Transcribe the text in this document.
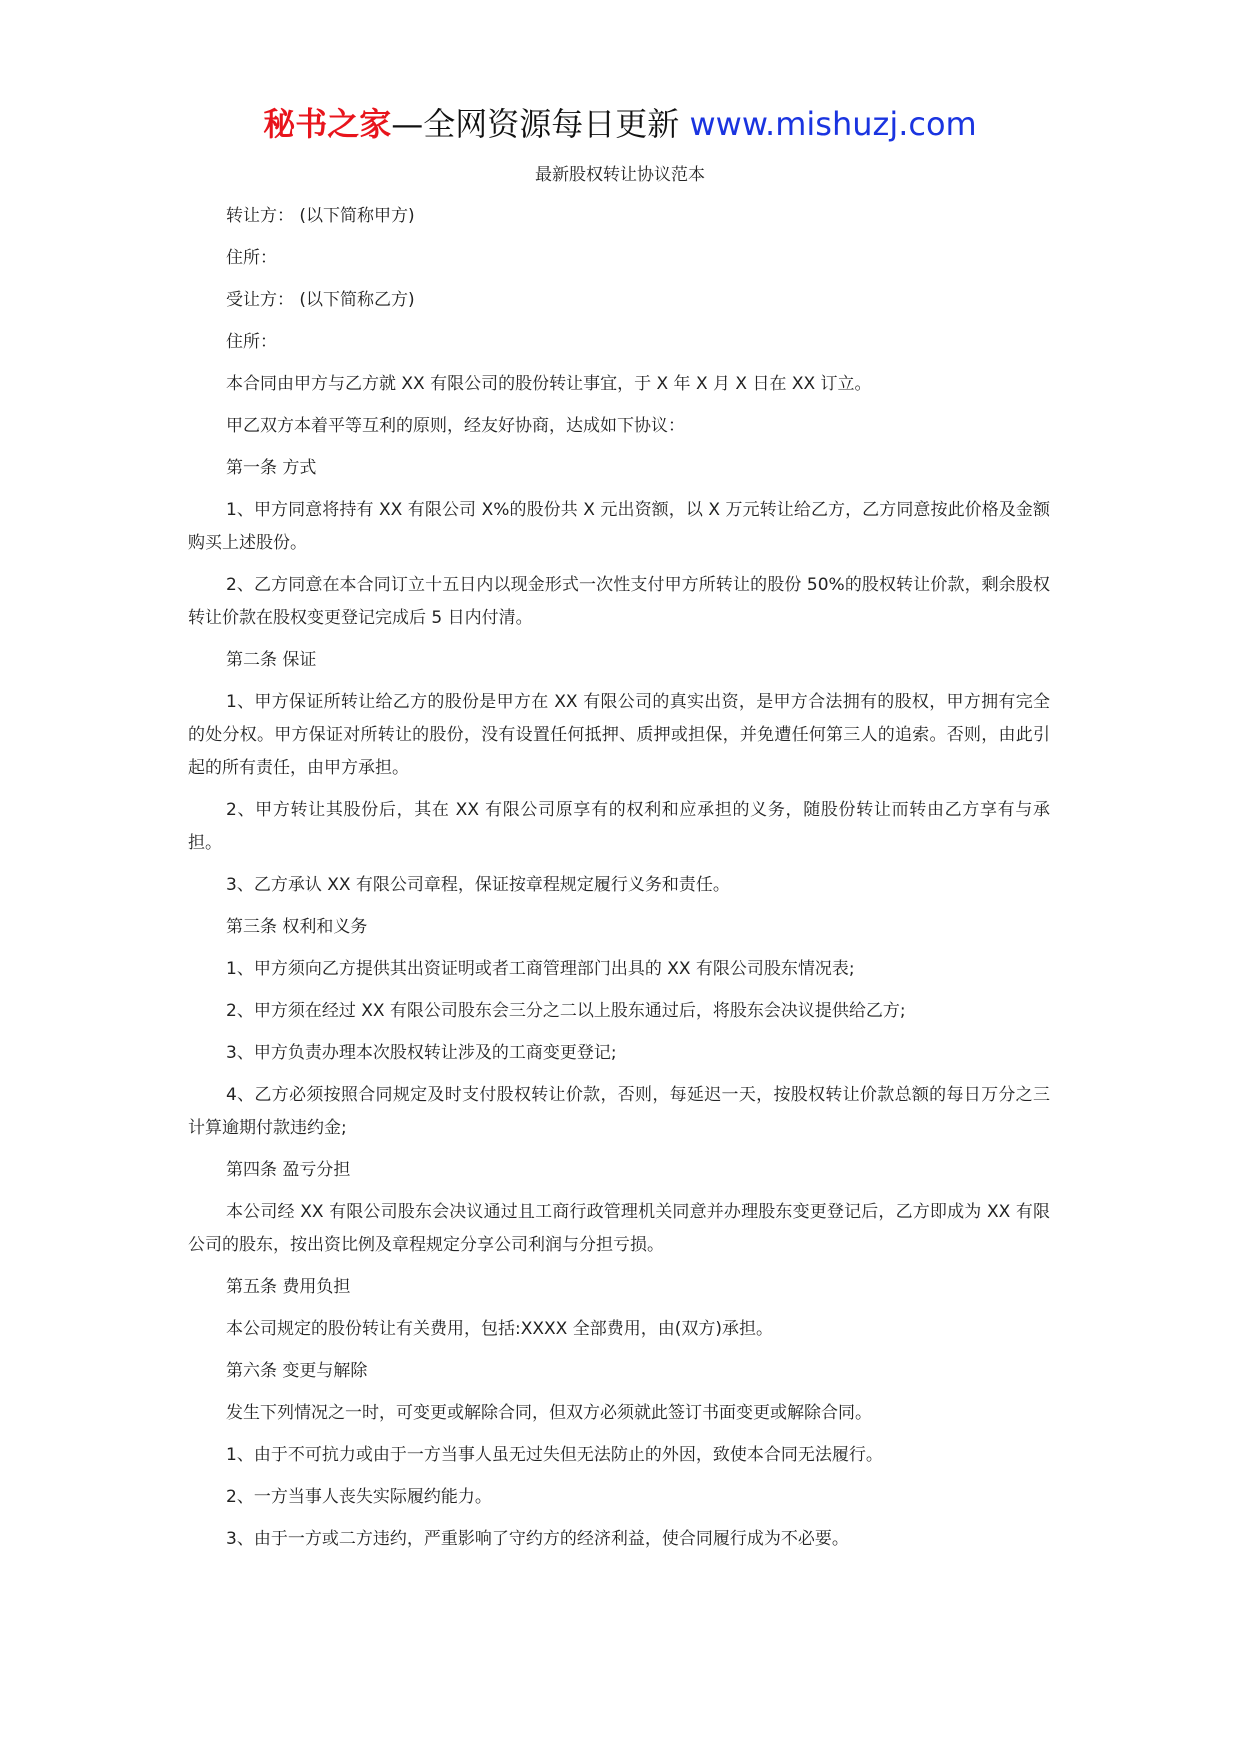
秘书之家—全网资源每日更新 www.mishuzj.com
最新股权转让协议范本

转让方： (以下简称甲方)

住所：

受让方： (以下简称乙方)

住所：

本合同由甲方与乙方就 XX 有限公司的股份转让事宜，于 X 年 X 月 X 日在 XX 订立。

甲乙双方本着平等互利的原则，经友好协商，达成如下协议：

第一条 方式

1、甲方同意将持有 XX 有限公司 X%的股份共 X 元出资额，以 X 万元转让给乙方，乙方同意按此价格及金额购买上述股份。

2、乙方同意在本合同订立十五日内以现金形式一次性支付甲方所转让的股份 50%的股权转让价款，剩余股权转让价款在股权变更登记完成后 5 日内付清。

第二条 保证

1、甲方保证所转让给乙方的股份是甲方在 XX 有限公司的真实出资，是甲方合法拥有的股权，甲方拥有完全的处分权。甲方保证对所转让的股份，没有设置任何抵押、质押或担保，并免遭任何第三人的追索。否则，由此引起的所有责任，由甲方承担。

2、甲方转让其股份后，其在 XX 有限公司原享有的权利和应承担的义务，随股份转让而转由乙方享有与承担。

3、乙方承认 XX 有限公司章程，保证按章程规定履行义务和责任。

第三条 权利和义务

1、甲方须向乙方提供其出资证明或者工商管理部门出具的 XX 有限公司股东情况表;

2、甲方须在经过 XX 有限公司股东会三分之二以上股东通过后，将股东会决议提供给乙方;

3、甲方负责办理本次股权转让涉及的工商变更登记;

4、乙方必须按照合同规定及时支付股权转让价款，否则，每延迟一天，按股权转让价款总额的每日万分之三计算逾期付款违约金;

第四条 盈亏分担

本公司经 XX 有限公司股东会决议通过且工商行政管理机关同意并办理股东变更登记后，乙方即成为 XX 有限公司的股东，按出资比例及章程规定分享公司利润与分担亏损。

第五条 费用负担

本公司规定的股份转让有关费用，包括:XXXX 全部费用，由(双方)承担。

第六条 变更与解除

发生下列情况之一时，可变更或解除合同，但双方必须就此签订书面变更或解除合同。

1、由于不可抗力或由于一方当事人虽无过失但无法防止的外因，致使本合同无法履行。

2、一方当事人丧失实际履约能力。

3、由于一方或二方违约，严重影响了守约方的经济利益，使合同履行成为不必要。
